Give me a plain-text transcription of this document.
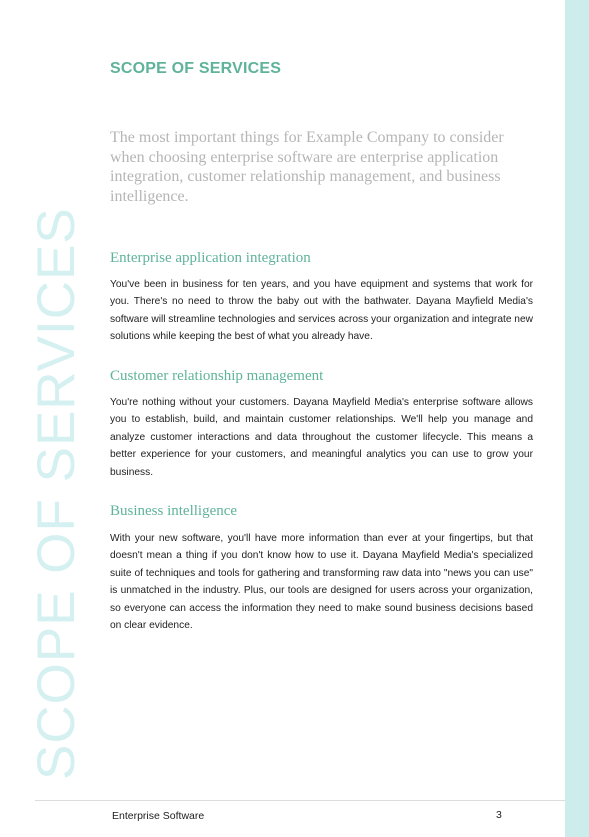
SCOPE OF SERVICES
SCOPE OF SERVICES
The most important things for Example Company to consider when choosing enterprise software are enterprise application integration, customer relationship management, and business intelligence.
Enterprise application integration
You've been in business for ten years, and you have equipment and systems that work for you. There's no need to throw the baby out with the bathwater. Dayana Mayfield Media's software will streamline technologies and services across your organization and integrate new solutions while keeping the best of what you already have.
Customer relationship management
You're nothing without your customers. Dayana Mayfield Media's enterprise software allows you to establish, build, and maintain customer relationships. We'll help you manage and analyze customer interactions and data throughout the customer lifecycle. This means a better experience for your customers, and meaningful analytics you can use to grow your business.
Business intelligence
With your new software, you'll have more information than ever at your fingertips, but that doesn't mean a thing if you don't know how to use it. Dayana Mayfield Media's specialized suite of techniques and tools for gathering and transforming raw data into "news you can use" is unmatched in the industry. Plus, our tools are designed for users across your organization, so everyone can access the information they need to make sound business decisions based on clear evidence.
Enterprise Software	3
